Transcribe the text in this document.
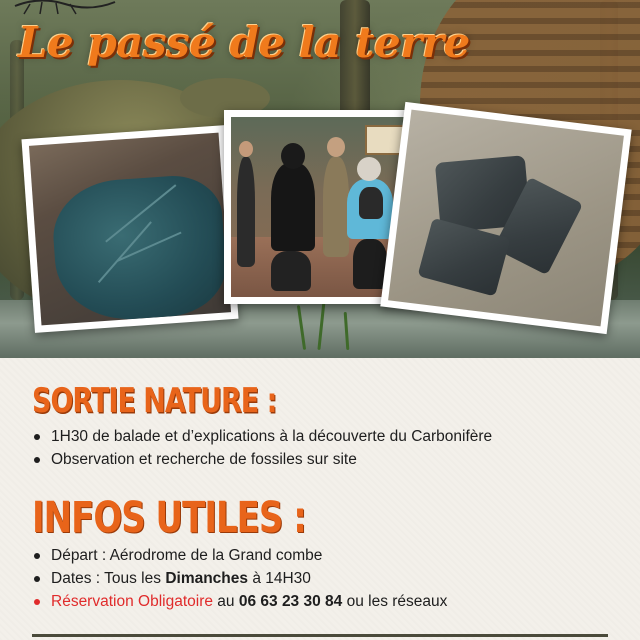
Le passé de la terre
SORTIE NATURE :
1H30 de balade et d’explications à la découverte du Carbonifère
Observation et recherche de fossiles sur site
INFOS UTILES :
Départ : Aérodrome de la Grand combe
Dates : Tous les Dimanches à 14H30
Réservation Obligatoire au 06 63 23 30 84 ou les réseaux
